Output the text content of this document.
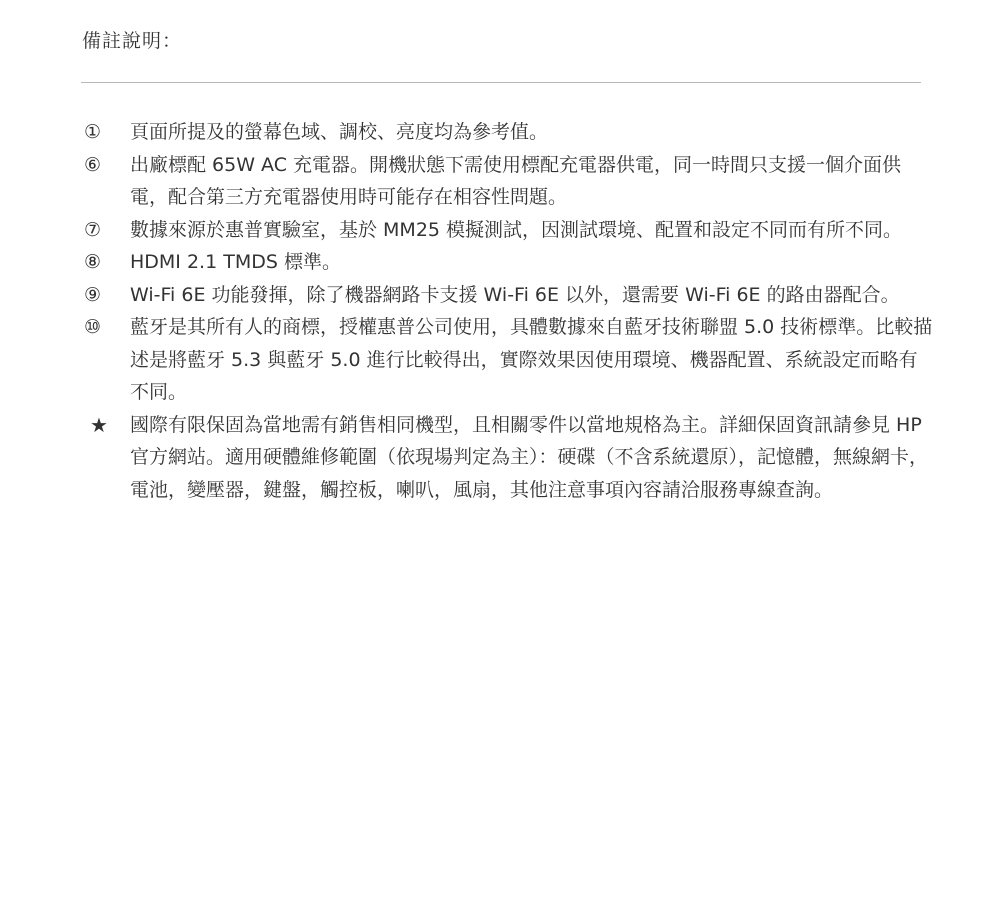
備註說明：
①	頁面所提及的螢幕色域、調校、亮度均為參考值。
⑥	出廠標配 65W AC 充電器。開機狀態下需使用標配充電器供電，同一時間只支援一個介面供電，配合第三方充電器使用時可能存在相容性問題。
⑦	數據來源於惠普實驗室，基於 MM25 模擬測試，因測試環境、配置和設定不同而有所不同。
⑧	HDMI 2.1 TMDS 標準。
⑨	Wi-Fi 6E 功能發揮，除了機器網路卡支援 Wi-Fi 6E 以外，還需要 Wi-Fi 6E 的路由器配合。
⑩	藍牙是其所有人的商標，授權惠普公司使用，具體數據來自藍牙技術聯盟 5.0 技術標準。比較描述是將藍牙 5.3 與藍牙 5.0 進行比較得出，實際效果因使用環境、機器配置、系統設定而略有不同。
★	國際有限保固為當地需有銷售相同機型，且相關零件以當地規格為主。詳細保固資訊請參見 HP 官方網站。適用硬體維修範圍（依現場判定為主）：硬碟（不含系統還原），記憶體，無線網卡，電池，變壓器，鍵盤，觸控板，喇叭，風扇，其他注意事項內容請洽服務專線查詢。
